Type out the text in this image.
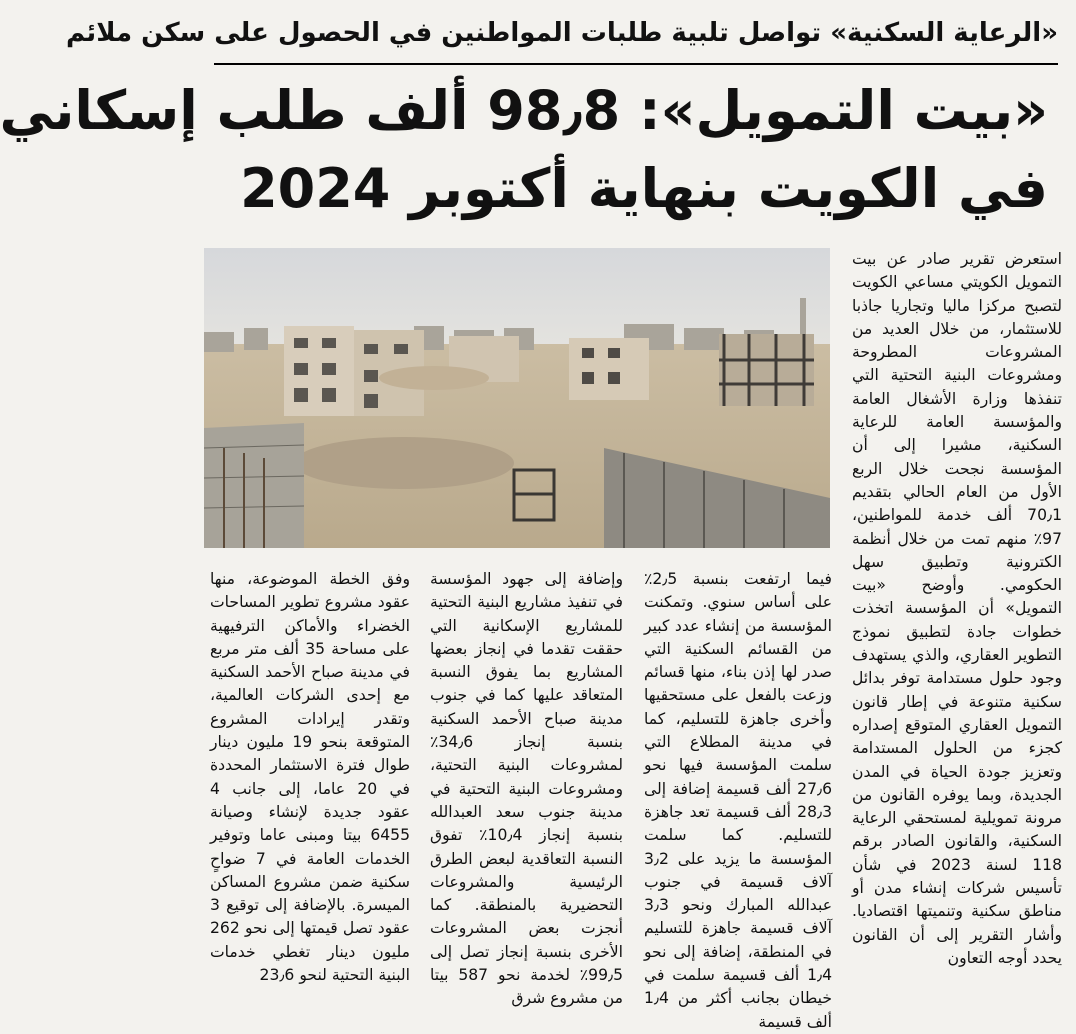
«الرعاية السكنية» تواصل تلبية طلبات المواطنين في الحصول على سكن ملائم
«بيت التمويل»: 98٫8 ألف طلب إسكاني
في الكويت بنهاية أكتوبر 2024

استعرض تقرير صادر عن بيت التمويل الكويتي مساعي الكويت لتصبح مركزا ماليا وتجاريا جاذبا للاستثمار، من خلال العديد من المشروعات المطروحة ومشروعات البنية التحتية التي تنفذها وزارة الأشغال العامة والمؤسسة العامة للرعاية السكنية، مشيرا إلى أن المؤسسة نجحت خلال الربع الأول من العام الحالي بتقديم 70٫1 ألف خدمة للمواطنين، 97٪ منهم تمت من خلال أنظمة الكترونية وتطبيق سهل الحكومي. وأوضح «بيت التمويل» أن المؤسسة اتخذت خطوات جادة لتطبيق نموذج التطوير العقاري، والذي يستهدف وجود حلول مستدامة توفر بدائل سكنية متنوعة في إطار قانون التمويل العقاري المتوقع إصداره كجزء من الحلول المستدامة وتعزيز جودة الحياة في المدن الجديدة، وبما يوفره القانون من مرونة تمويلية لمستحقي الرعاية السكنية، والقانون الصادر برقم 118 لسنة 2023 في شأن تأسيس شركات إنشاء مدن أو مناطق سكنية وتنميتها اقتصاديا. وأشار التقرير إلى أن القانون يحدد أوجه التعاون

فيما ارتفعت بنسبة 2٫5٪ على أساس سنوي. وتمكنت المؤسسة من إنشاء عدد كبير من القسائم السكنية التي صدر لها إذن بناء، منها قسائم وزعت بالفعل على مستحقيها وأخرى جاهزة للتسليم، كما في مدينة المطلاع التي سلمت المؤسسة فيها نحو 27٫6 ألف قسيمة إضافة إلى 28٫3 ألف قسيمة تعد جاهزة للتسليم. كما سلمت المؤسسة ما يزيد على 3٫2 آلاف قسيمة في جنوب عبدالله المبارك ونحو 3٫3 آلاف قسيمة جاهزة للتسليم في المنطقة، إضافة إلى نحو 1٫4 ألف قسيمة سلمت في خيطان بجانب أكثر من 1٫4 ألف قسيمة

وإضافة إلى جهود المؤسسة في تنفيذ مشاريع البنية التحتية للمشاريع الإسكانية التي حققت تقدما في إنجاز بعضها المشاريع بما يفوق النسبة المتعاقد عليها كما في جنوب مدينة صباح الأحمد السكنية بنسبة إنجاز 34٫6٪ لمشروعات البنية التحتية، ومشروعات البنية التحتية في مدينة جنوب سعد العبدالله بنسبة إنجاز 10٫4٪ تفوق النسبة التعاقدية لبعض الطرق الرئيسية والمشروعات التحضيرية بالمنطقة. كما أنجزت بعض المشروعات الأخرى بنسبة إنجاز تصل إلى 99٫5٪ لخدمة نحو 587 بيتا من مشروع شرق

وفق الخطة الموضوعة، منها عقود مشروع تطوير المساحات الخضراء والأماكن الترفيهية على مساحة 35 ألف متر مربع في مدينة صباح الأحمد السكنية مع إحدى الشركات العالمية، وتقدر إيرادات المشروع المتوقعة بنحو 19 مليون دينار طوال فترة الاستثمار المحددة في 20 عاما، إلى جانب 4 عقود جديدة لإنشاء وصيانة 6455 بيتا ومبنى عاما وتوفير الخدمات العامة في 7 ضواحٍ سكنية ضمن مشروع المساكن الميسرة. بالإضافة إلى توقيع 3 عقود تصل قيمتها إلى نحو 262 مليون دينار تغطي خدمات البنية التحتية لنحو 23٫6
